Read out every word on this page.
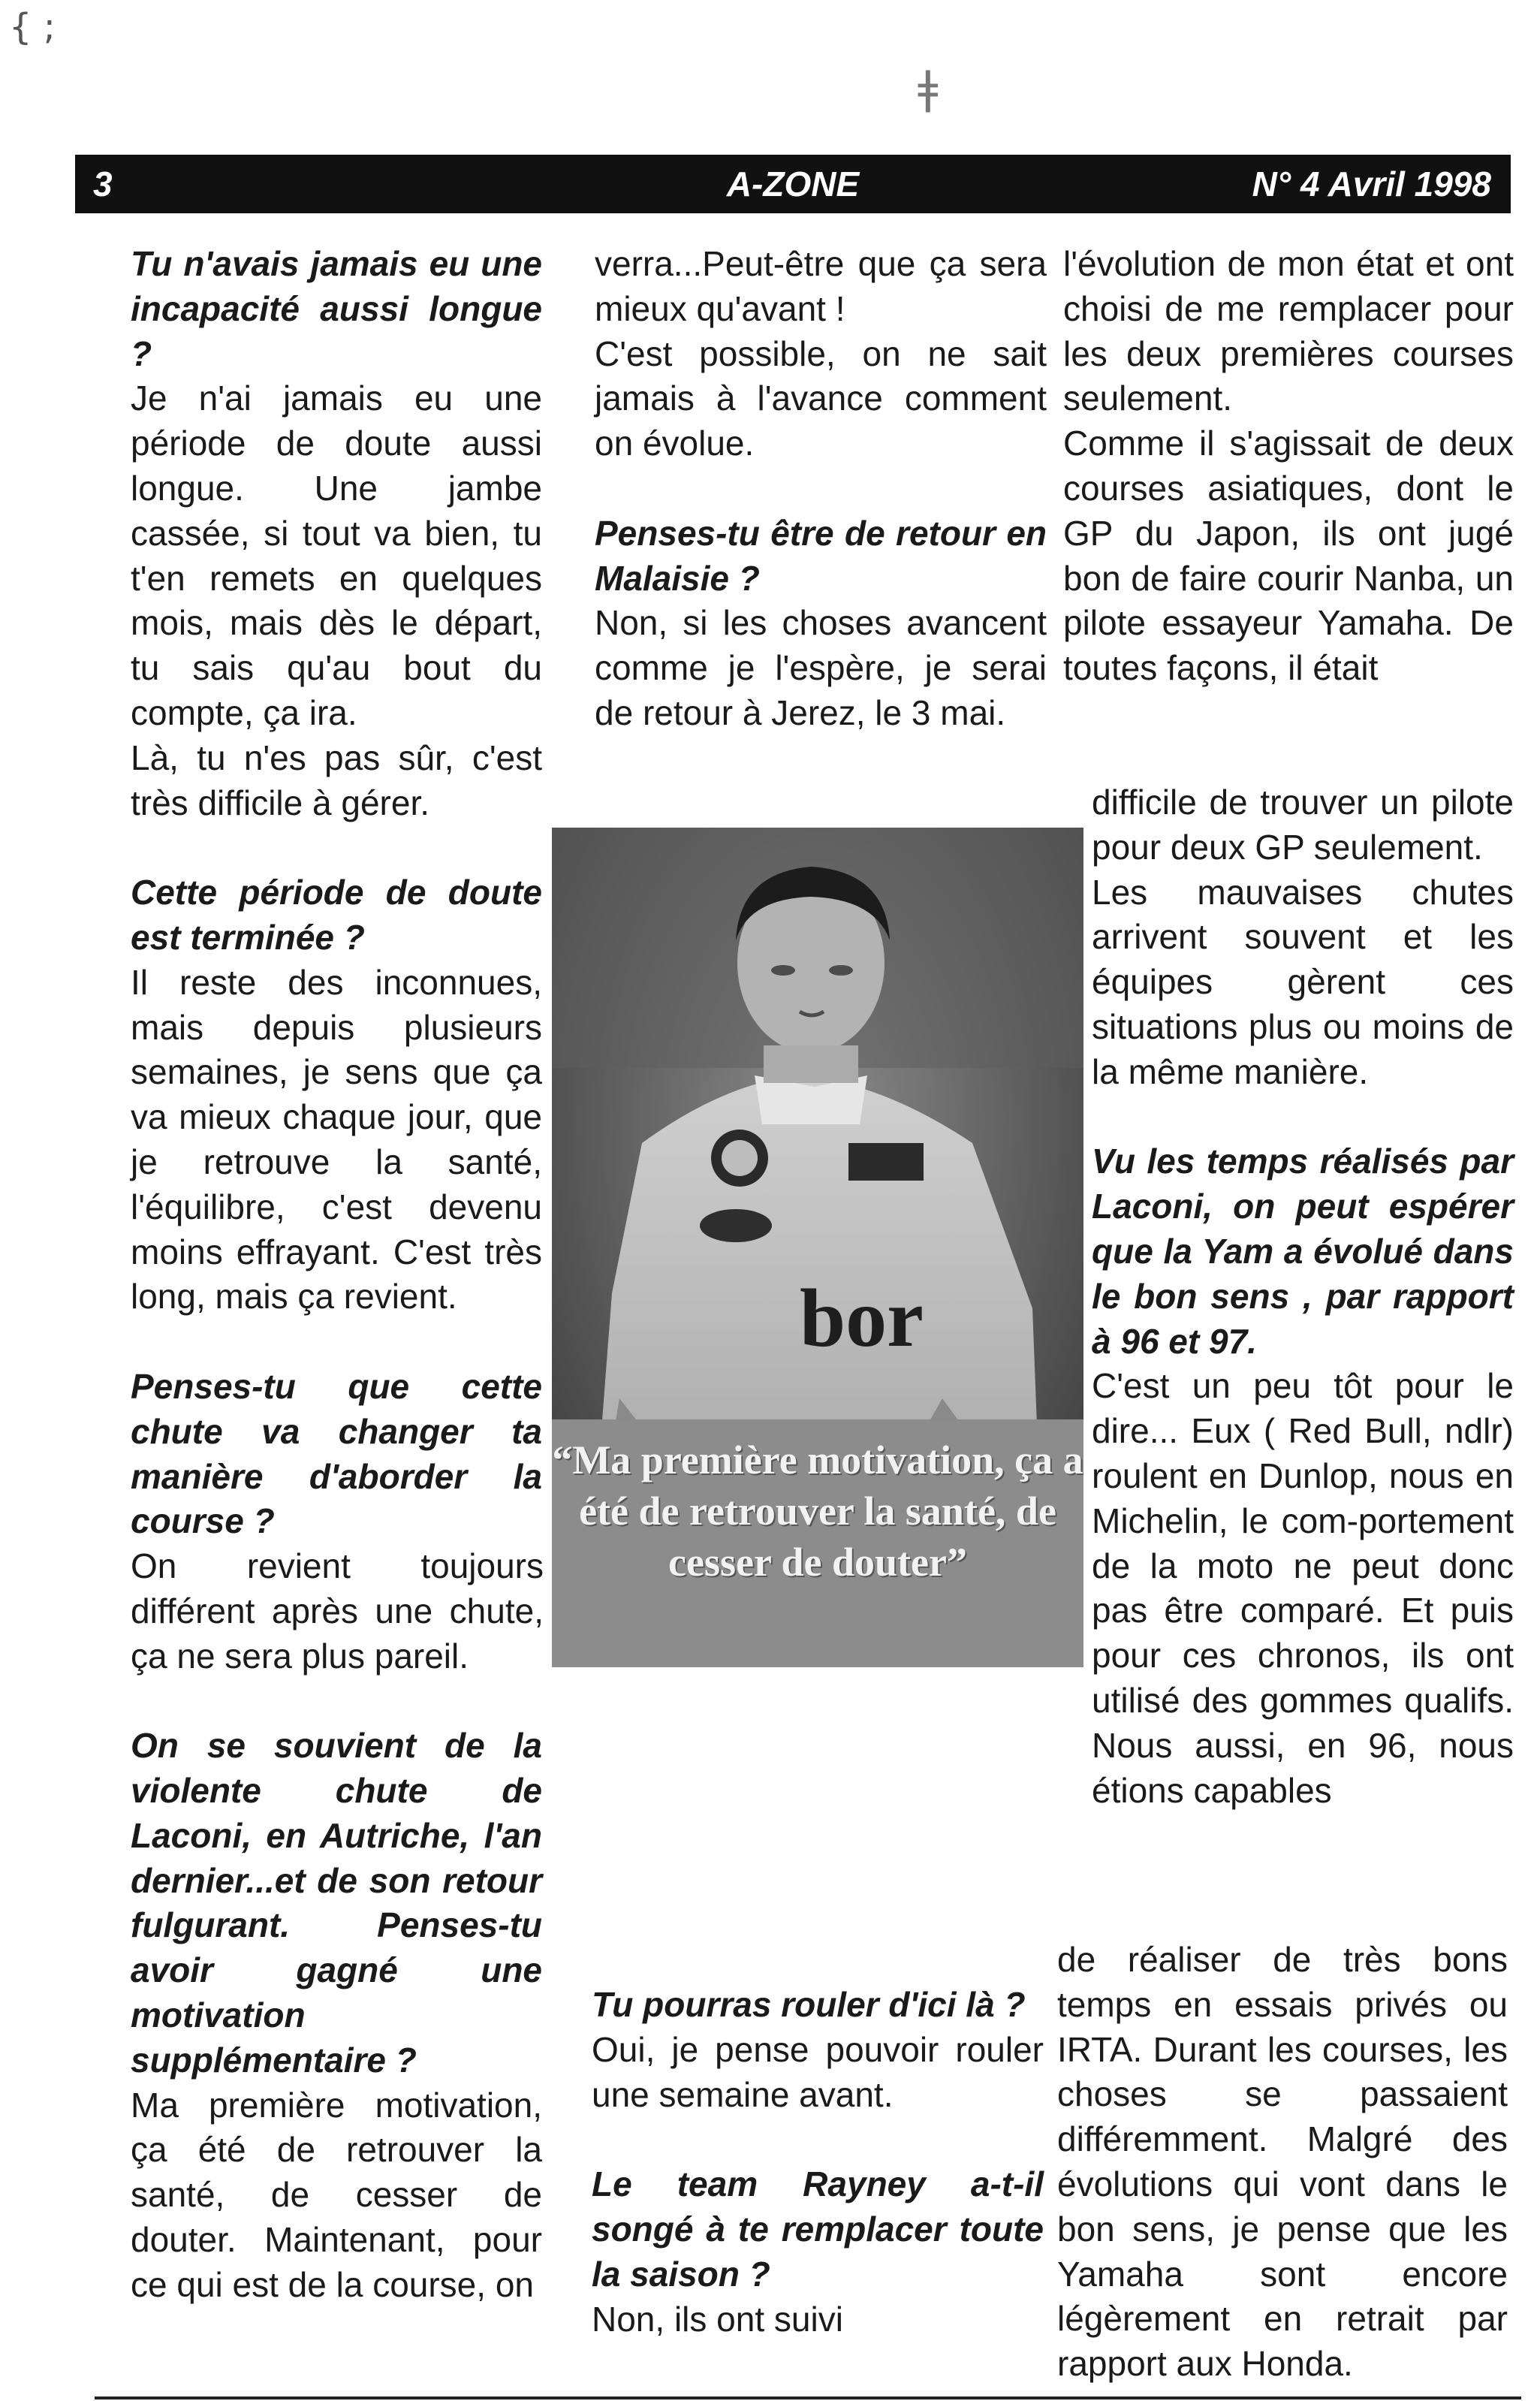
{ ;
ǂ
3	A-ZONE	N° 4 Avril 1998

Tu n'avais jamais eu une incapacité aussi longue ?

Je n'ai jamais eu une période de doute aussi longue. Une jambe cassée, si tout va bien, tu t'en remets en quelques mois, mais dès le départ, tu sais qu'au bout du compte, ça ira.

Là, tu n'es pas sûr, c'est très difficile à gérer.

Cette période de doute est terminée ?

Il reste des inconnues, mais depuis plusieurs semaines, je sens que ça va mieux chaque jour, que je retrouve la santé, l'équilibre, c'est devenu moins effrayant. C'est très long, mais ça revient.

Penses-tu que cette chute va changer ta manière d'aborder la course ?

On revient toujours différent après une chute, ça ne sera plus pareil.

On se souvient de la violente chute de Laconi, en Autriche, l'an dernier...et de son retour fulgurant. Penses-tu avoir gagné une motivation supplémentaire ?

Ma première motivation, ça été de retrouver la santé, de cesser de douter. Maintenant, pour ce qui est de la course, on

verra...Peut-être que ça sera mieux qu'avant !

C'est possible, on ne sait jamais à l'avance comment on évolue.

Penses-tu être de retour en Malaisie ?

Non, si les choses avancent comme je l'espère, je serai de retour à Jerez, le 3 mai.

Tu pourras rouler d'ici là ?

Oui, je pense pouvoir rouler une semaine avant.

Le team Rayney a-t-il songé à te remplacer toute la saison ?

Non, ils ont suivi

l'évolution de mon état et ont choisi de me remplacer pour les deux premières courses seulement.

Comme il s'agissait de deux courses asiatiques, dont le GP du Japon, ils ont jugé bon de faire courir Nanba, un pilote essayeur Yamaha. De toutes façons, il était

difficile de trouver un pilote pour deux GP seulement.

Les mauvaises chutes arrivent souvent et les équipes gèrent ces situations plus ou moins de la même manière.

Vu les temps réalisés par Laconi, on peut espérer que la Yam a évolué dans le bon sens , par rapport à 96 et 97.

C'est un peu tôt pour le dire... Eux ( Red Bull, ndlr) roulent en Dunlop, nous en Michelin, le com-portement de la moto ne peut donc pas être comparé. Et puis pour ces chronos, ils ont utilisé des gommes qualifs. Nous aussi, en 96, nous étions capables

de réaliser de très bons temps en essais privés ou IRTA. Durant les courses, les choses se passaient différemment. Malgré des évolutions qui vont dans le bon sens, je pense que les Yamaha sont encore légèrement en retrait par rapport aux Honda.

bor
“Ma première motivation, ça a été de retrouver la santé, de cesser de douter”
